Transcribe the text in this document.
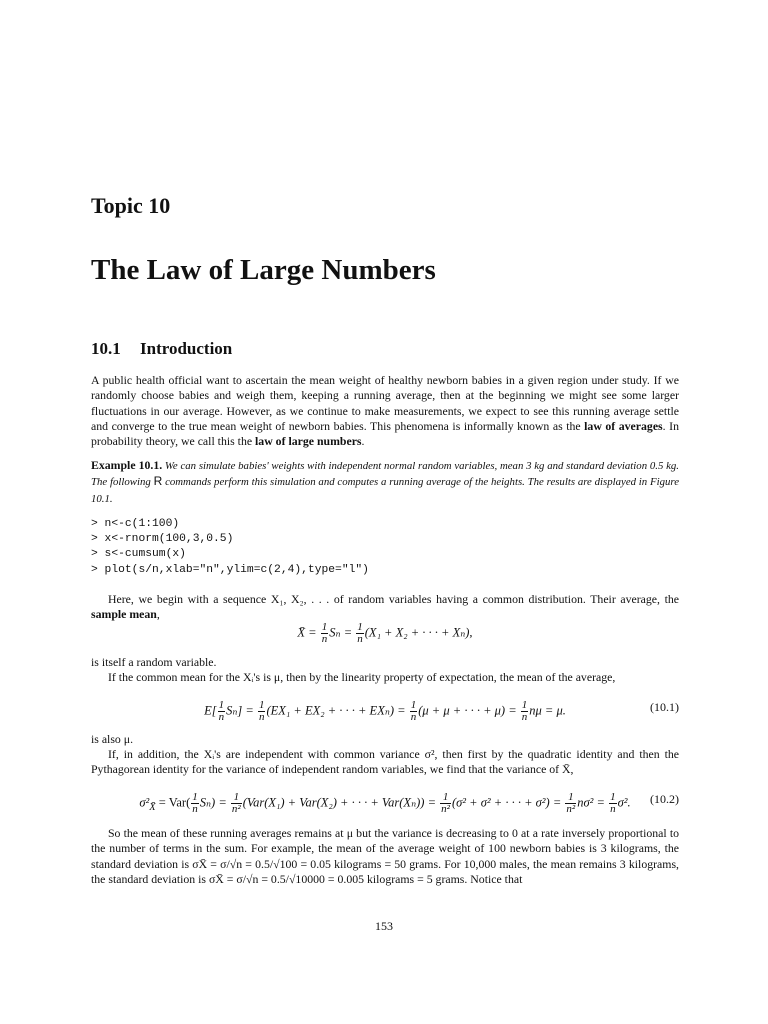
Topic 10
The Law of Large Numbers
10.1 Introduction
A public health official want to ascertain the mean weight of healthy newborn babies in a given region under study. If we randomly choose babies and weigh them, keeping a running average, then at the beginning we might see some larger fluctuations in our average. However, as we continue to make measurements, we expect to see this running average settle and converge to the true mean weight of newborn babies. This phenomena is informally known as the law of averages. In probability theory, we call this the law of large numbers.
Example 10.1. We can simulate babies' weights with independent normal random variables, mean 3 kg and standard deviation 0.5 kg. The following R commands perform this simulation and computes a running average of the heights. The results are displayed in Figure 10.1.
> n<-c(1:100)
> x<-rnorm(100,3,0.5)
> s<-cumsum(x)
> plot(s/n,xlab="n",ylim=c(2,4),type="l")
Here, we begin with a sequence X₁, X₂, . . . of random variables having a common distribution. Their average, the sample mean,
X̄ = $\frac{1}{n}$ $S_n = \frac{1}{n} (X_1 + X_2$ + · · · + Xₙ),
is itself a random variable.
If the common mean for the Xᵢ's is μ, then by the linearity property of expectation, the mean of the average,
$E[ \frac{1}{n} S_n] = \frac{1}{n} (EX_1 + EX_2$ + · · · + $EX_n) = \frac{1}{n} (\mu + \mu$ + · · · + $\mu) = \frac{1}{n}$ nμ = μ.	(10.1)
is also μ.
If, in addition, the Xᵢ's are independent with common variance σ², then first by the quadratic identity and then the Pythagorean identity for the variance of independent random variables, we find that the variance of X̄,
$\sigma^2_{X̄} = Var( \frac{1}{n} S_n) = \frac{1}{\text{n²}} (Var(X_1) + Var(X_2)$ + · · · + $Var(X_n)) = \frac{1}{\text{n²}} (\sigma^2 + \sigma^2$ + · · · + $\sigma^2) = \frac{1}{\text{n²}} n\sigma^2 = \frac{1}{n} \sigma^2$. (10.2)
So the mean of these running averages remains at μ but the variance is decreasing to 0 at a rate inversely proportional to the number of terms in the sum. For example, the mean of the average weight of 100 newborn babies is 3 kilograms, the standard deviation is σX̄ = σ/√n = 0.5/√100 = 0.05 kilograms = 50 grams. For 10,000 males, the mean remains 3 kilograms, the standard deviation is σX̄ = σ/√n = 0.5/√10000 = 0.005 kilograms = 5 grams. Notice that
153
